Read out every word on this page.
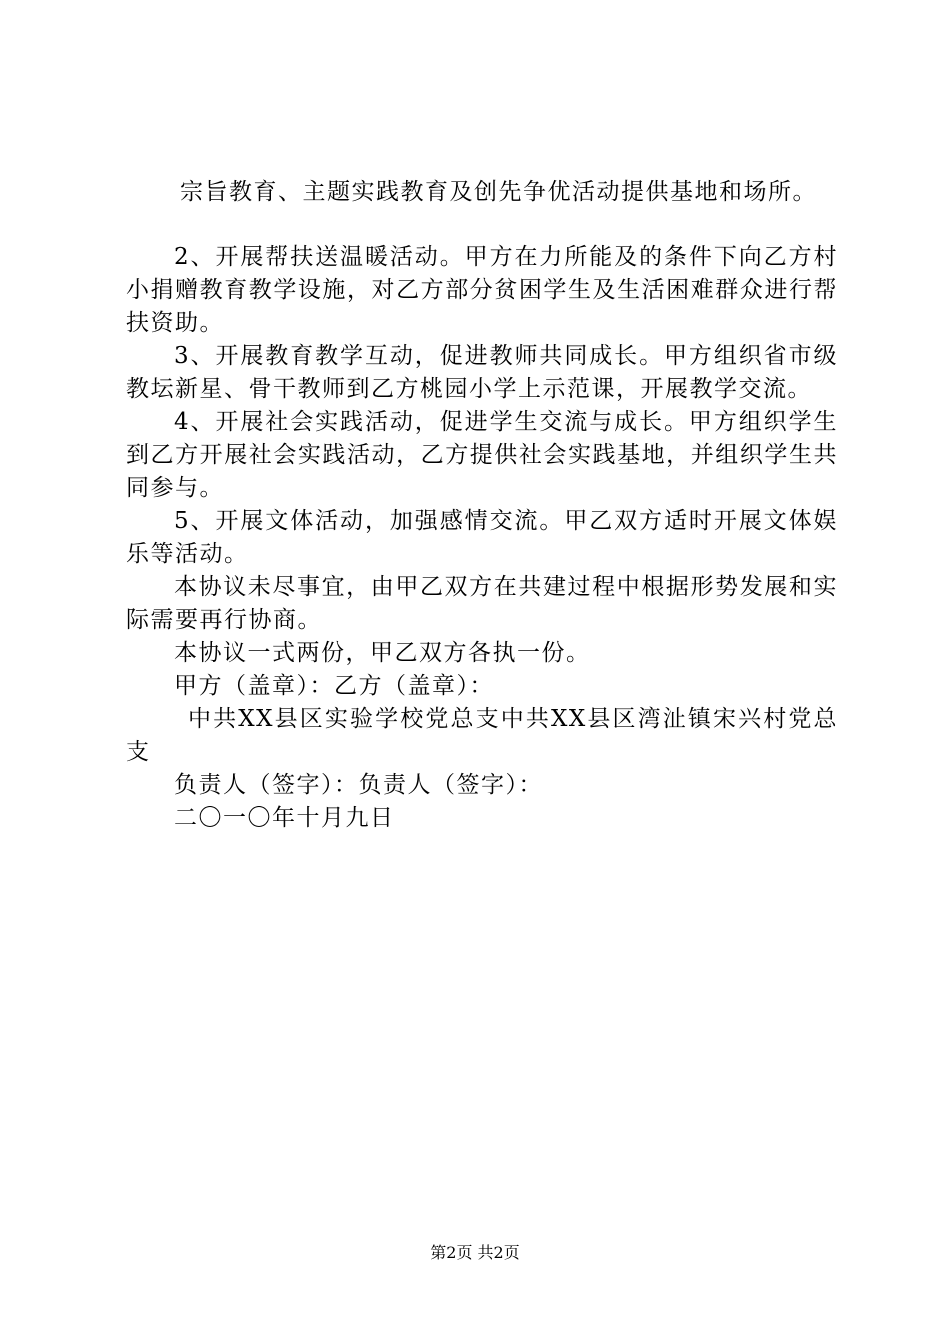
宗旨教育、主题实践教育及创先争优活动提供基地和场所。

2、开展帮扶送温暖活动。甲方在力所能及的条件下向乙方村小捐赠教育教学设施，对乙方部分贫困学生及生活困难群众进行帮扶资助。

3、开展教育教学互动，促进教师共同成长。甲方组织省市级教坛新星、骨干教师到乙方桃园小学上示范课，开展教学交流。

4、开展社会实践活动，促进学生交流与成长。甲方组织学生到乙方开展社会实践活动，乙方提供社会实践基地，并组织学生共同参与。

5、开展文体活动，加强感情交流。甲乙双方适时开展文体娱乐等活动。

本协议未尽事宜，由甲乙双方在共建过程中根据形势发展和实际需要再行协商。

本协议一式两份，甲乙双方各执一份。

甲方（盖章）：乙方（盖章）：

中共XX县区实验学校党总支中共XX县区湾沚镇宋兴村党总支

负责人（签字）：负责人（签字）：

二〇一〇年十月九日

第2页 共2页
